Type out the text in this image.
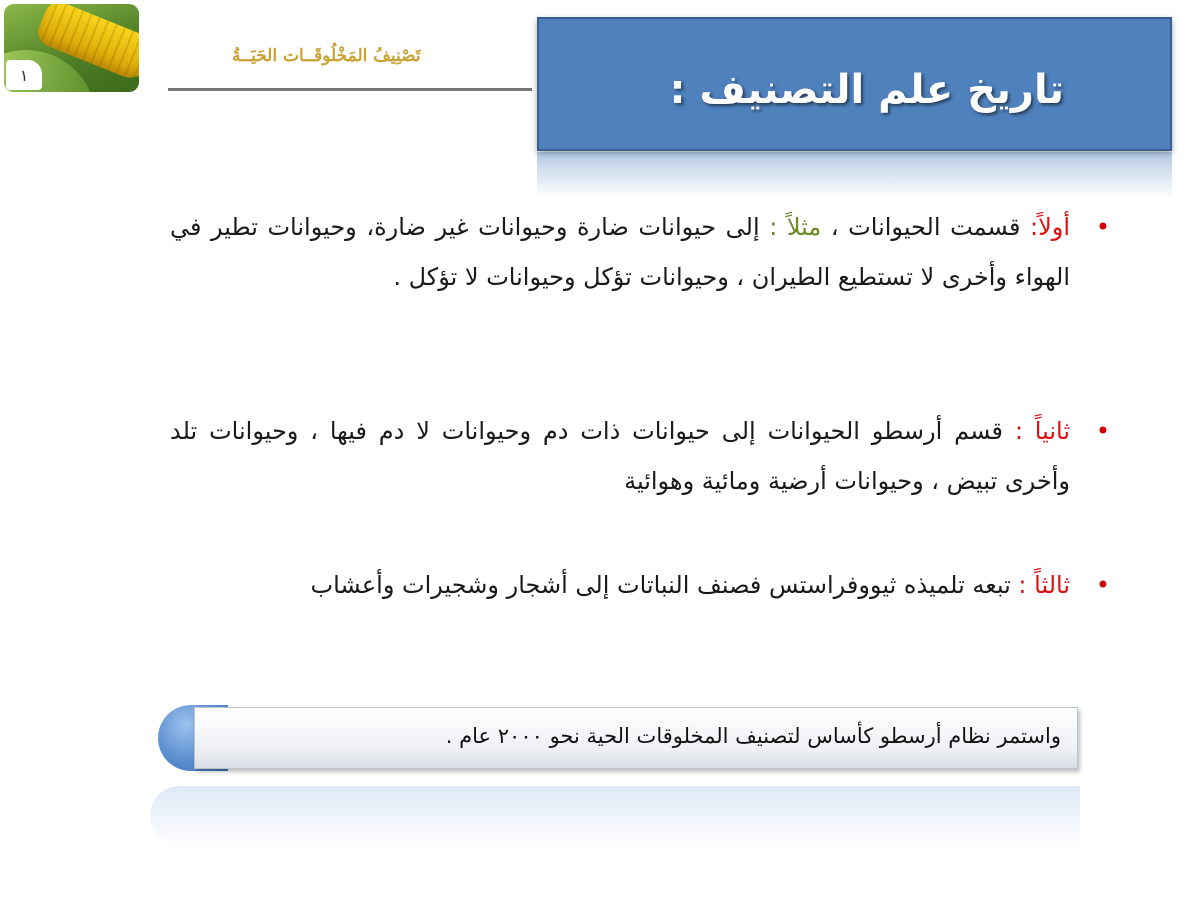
١
تَصْنِيفُ المَخْلُوقَــات الحَيَــةُ
تاريخ علم التصنيف :
•
أولاً: قسمت الحيوانات ، مثلاً : إلى حيوانات ضارة وحيوانات غير ضارة، وحيوانات تطير في الهواء وأخرى لا تستطيع الطيران ، وحيوانات تؤكل وحيوانات لا تؤكل .
•
ثانياً : قسم أرسطو الحيوانات إلى حيوانات ذات دم وحيوانات لا دم فيها ، وحيوانات تلد وأخرى تبيض ، وحيوانات أرضية ومائية وهوائية
•
ثالثاً : تبعه تلميذه ثيووفراستس فصنف النباتات إلى أشجار وشجيرات وأعشاب
واستمر نظام أرسطو كأساس لتصنيف المخلوقات الحية نحو ٢٠٠٠ عام .
